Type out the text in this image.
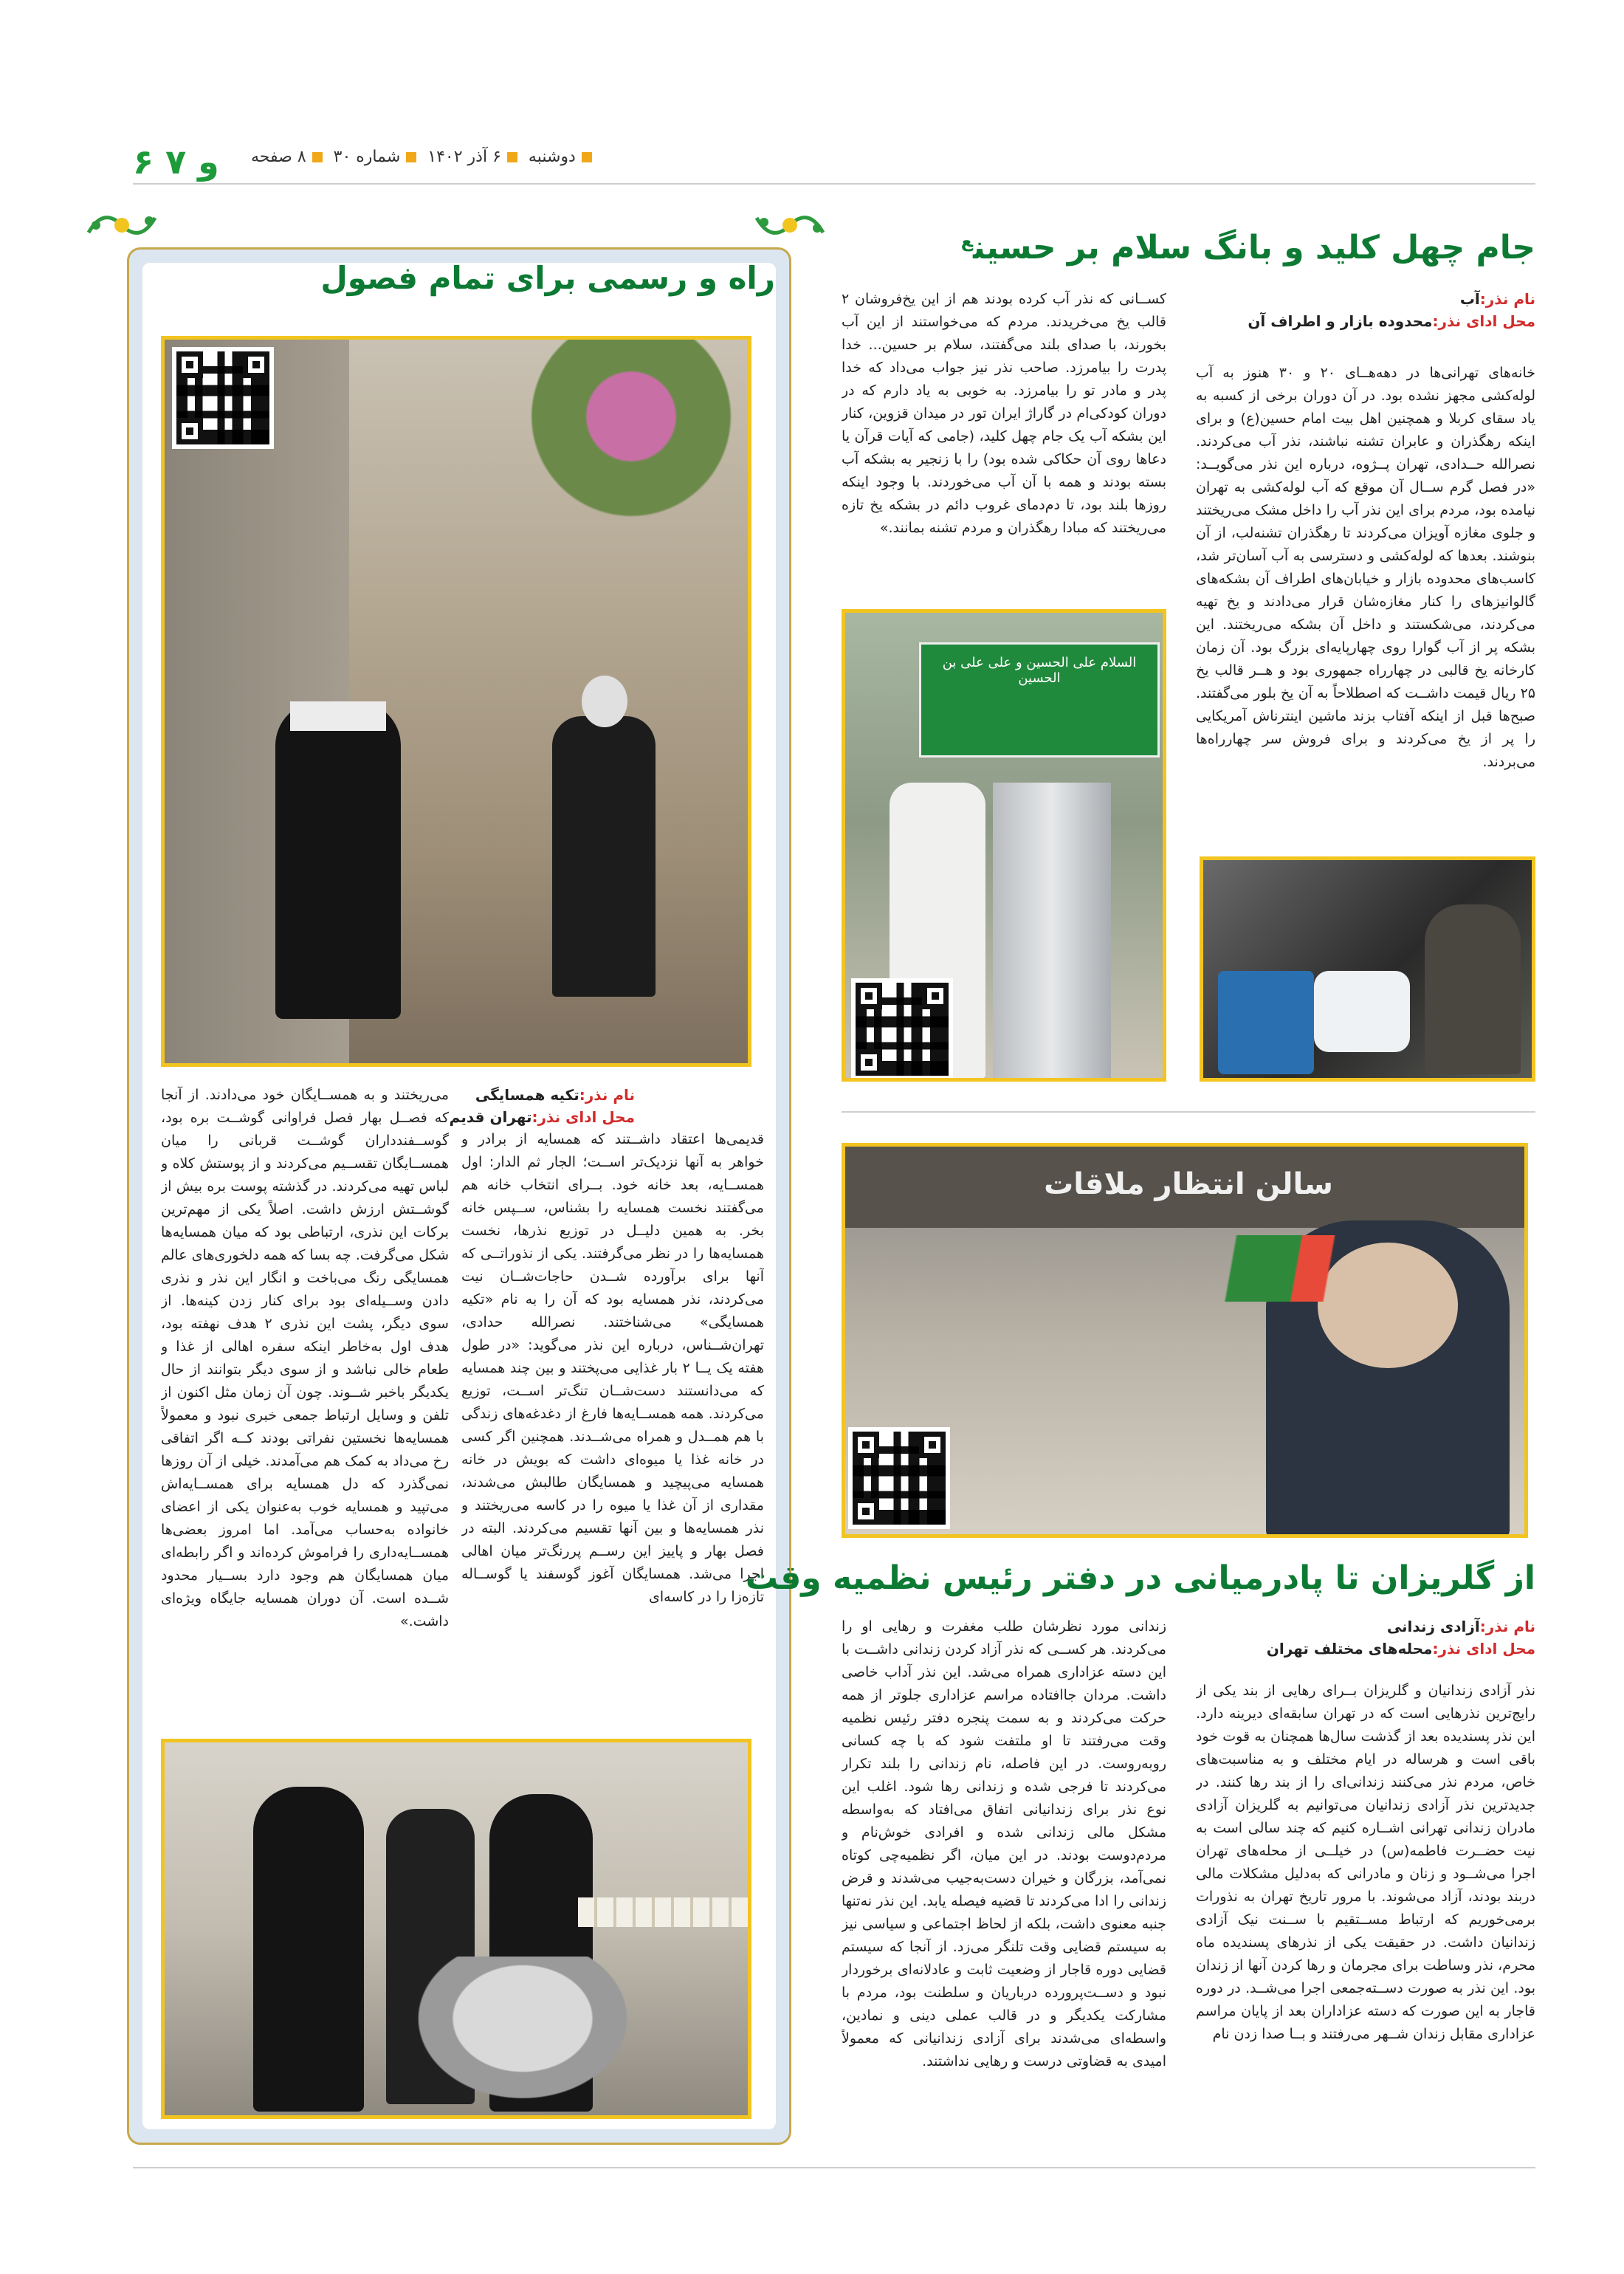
۶ و ۷	دوشنبه ۶ آذر ۱۴۰۲ شماره ۳۰ ۸ صفحه
راه و رسمی برای تمام فصول
نام نذر:تکیه همسایگی
محل ادای نذر:تهران قدیم
قدیمی‌ها اعتقاد داشــتند که همسایه از برادر و خواهر به آنها نزدیک‌تر اســت؛ الجار ثم الدار: اول همســایه، بعد خانه خود. بــرای انتخاب خانه هم می‌گفتند نخست همسایه را بشناس، ســپس خانه بخر. به همین دلیــل در توزیع نذرها، نخست همسایه‌ها را در نظر می‌گرفتند. یکی از نذوراتــی که آنها برای برآورده شــدن حاجات‌شــان نیت می‌کردند، نذر همسایه بود که آن را به نام «تکیه همسایگی» می‌شناختند. نصرالله حدادی، تهران‌شــناس، درباره این نذر می‌گوید: «در طول هفته یک یــا ۲ بار غذایی می‌پختند و بین چند همسایه که می‌دانستند دست‌شــان تنگ‌تر اســت، توزیع می‌کردند. همه همســایه‌ها فارغ از دغدغه‌های زندگی با هم همــدل و همراه می‌شــدند. همچنین اگر کسی در خانه غذا یا میوه‌ای داشت که بویش در خانه همسایه می‌پیچید و همسایگان طالبش می‌شدند، مقداری از آن غذا یا میوه را در کاسه می‌ریختند و نذر همسایه‌ها و بین آنها تقسیم می‌کردند. البته در فصل بهار و پاییز این رســم پررنگ‌تر میان اهالی اجرا می‌شد. همسایگان آغوز گوسفند یا گوســاله تازه‌زا را در کاسه‌ای
می‌ریختند و به همســایگان خود می‌دادند. از آنجا که فصــل بهار فصل فراوانی گوشــت بره بود، گوســفندداران گوشــت قربانی را میان همســایگان تقســیم می‌کردند و از پوستش کلاه و لباس تهیه می‌کردند. در گذشته پوست بره بیش از گوشــتش ارزش داشت. اصلاً یکی از مهم‌ترین برکات این نذری، ارتباطی بود که میان همسایه‌ها شکل می‌گرفت. چه بسا که همه دلخوری‌های عالم همسایگی رنگ می‌باخت و انگار این نذر و نذری دادن وســیله‌ای بود برای کنار زدن کینه‌ها. از سوی دیگر، پشت این نذری ۲ هدف نهفته بود، هدف اول به‌خاطر اینکه سفره اهالی از غذا و طعام خالی نباشد و از سوی دیگر بتوانند از حال یکدیگر باخبر شــوند. چون آن زمان مثل اکنون از تلفن و وسایل ارتباط جمعی خبری نبود و معمولاً همسایه‌ها نخستین نفراتی بودند کــه اگر اتفاقی رخ می‌داد به کمک هم می‌آمدند. خیلی از آن روزها نمی‌گذرد که دل همسایه برای همســایه‌اش می‌تپید و همسایه خوب به‌عنوان یکی از اعضای خانواده به‌حساب می‌آمد. اما امروز بعضی‌ها همســایه‌داری را فراموش کرده‌اند و اگر رابطه‌ای میان همسایگان هم وجود دارد بســیار محدود شــده است. آن دوران همسایه جایگاه ویژه‌ای داشت.»
جام چهل کلید و بانگ سلام بر حسین$^ع$
نام نذر:آب
محل ادای نذر:محدوده بازار و اطراف آن
خانه‌های تهرانی‌ها در دهه‌هــای ۲۰ و ۳۰ هنوز به آب لوله‌کشی مجهز نشده بود. در آن دوران برخی از کسبه به یاد سقای کربلا و همچنین اهل بیت امام حسین(ع) و برای اینکه رهگذران و عابران تشنه نباشند، نذر آب می‌کردند. نصرالله حــدادی، تهران پــژوه، درباره این نذر می‌گویــد: «در فصل گرم ســال آن موقع که آب لوله‌کشی به تهران نیامده بود، مردم برای این نذر آب را داخل مشک می‌ریختند و جلوی مغازه آویزان می‌کردند تا رهگذران تشنه‌لب، از آن بنوشند. بعدها که لوله‌کشی و دسترسی به آب آسان‌تر شد، کاسب‌های محدوده بازار و خیابان‌های اطراف آن بشکه‌های گالوانیزهای را کنار مغازه‌شان قرار می‌دادند و یخ تهیه می‌کردند، می‌شکستند و داخل آن بشکه می‌ریختند. این بشکه پر از آب گوارا روی چهارپایه‌ای بزرگ بود. آن زمان کارخانه یخ قالبی در چهارراه جمهوری بود و هــر قالب یخ ۲۵ ریال قیمت داشــت که اصطلاحاً به آن یخ بلور می‌گفتند. صبح‌ها قبل از اینکه آفتاب بزند ماشین اینترناش آمریکایی را پر از یخ می‌کردند و برای فروش سر چهارراه‌ها می‌بردند.
کســانی که نذر آب کرده بودند هم از این یخ‌فروشان ۲ قالب یخ می‌خریدند. مردم که می‌خواستند از این آب بخورند، با صدای بلند می‌گفتند، سلام بر حسین... خدا پدرت را بیامرزد. صاحب نذر نیز جواب می‌داد که خدا پدر و مادر تو را بیامرزد. به خوبی به یاد دارم که در دوران کودکی‌ام در گاراژ ایران تور در میدان قزوین، کنار این بشکه آب یک جام چهل کلید، (جامی که آیات قرآن یا دعاها روی آن حکاکی شده بود) را با زنجیر به بشکه آب بسته بودند و همه با آن آب می‌خوردند. با وجود اینکه روزها بلند بود، تا دم‌دمای غروب دائم در بشکه یخ تازه می‌ریختند که مبادا رهگذران و مردم تشنه بمانند.»
السلام علی الحسین و علی علی بن الحسین
سالن انتظار ملاقات
از گلریزان تا پادرمیانی در دفتر رئیس نظمیه وقت
نام نذر:آزادی زندانی
محل ادای نذر:محله‌های مختلف تهران
نذر آزادی زندانیان و گلریزان بــرای رهایی از بند یکی از رایج‌ترین نذرهایی است که در تهران سابقه‌ای دیرینه دارد. این نذر پسندیده بعد از گذشت سال‌ها همچنان به قوت خود باقی است و هرساله در ایام مختلف و به مناسبت‌های خاص، مردم نذر می‌کنند زندانی‌ای را از بند رها کنند. در جدیدترین نذر آزادی زندانیان می‌توانیم به گلریزان آزادی مادران زندانی تهرانی اشــاره کنیم که چند سالی است به نیت حضــرت فاطمه(س) در خیلــی از محله‌های تهران اجرا می‌شــود و زنان و مادرانی که به‌دلیل مشکلات مالی دربند بودند، آزاد می‌شوند. با مرور تاریخ تهران به نذورات برمی‌خوریم که ارتباط مســتقیم با ســنت نیک آزادی زندانیان داشت. در حقیقت یکی از نذرهای پسندیده ماه محرم، نذر وساطت برای مجرمان و رها کردن آنها از زندان بود. این نذر به صورت دســته‌جمعی اجرا می‌شــد. در دوره قاجار به این صورت که دسته عزاداران بعد از پایان مراسم عزاداری مقابل زندان شــهر می‌رفتند و بــا صدا زدن نام
زندانی مورد نظرشان طلب مغفرت و رهایی او را می‌کردند. هر کســی که نذر آزاد کردن زندانی داشــت با این دسته عزاداری همراه می‌شد. این نذر آداب خاصی داشت. مردان جاافتاده مراسم عزاداری جلوتر از همه حرکت می‌کردند و به سمت پنجره دفتر رئیس نظمیه وقت می‌رفتند تا او ملتفت شود که با چه کسانی روبه‌روست. در این فاصله، نام زندانی را بلند تکرار می‌کردند تا فرجی شده و زندانی رها شود. اغلب این نوع نذر برای زندانیانی اتفاق می‌افتاد که به‌واسطه مشکل مالی زندانی شده و افرادی خوش‌نام و مردم‌دوست بودند. در این میان، اگر نظمیه‌چی کوتاه نمی‌آمد، بزرگان و خیران دست‌به‌جیب می‌شدند و قرض زندانی را ادا می‌کردند تا قضیه فیصله یابد. این نذر نه‌تنها جنبه معنوی داشت، بلکه از لحاظ اجتماعی و سیاسی نیز به سیستم قضایی وقت تلنگر می‌زد. از آنجا که سیستم قضایی دوره قاجار از وضعیت ثابت و عادلانه‌ای برخوردار نبود و دســت‌پرورده درباریان و سلطنت بود، مردم با مشارکت یکدیگر و در قالب عملی دینی و نمادین، واسطه‌ای می‌شدند برای آزادی زندانیانی که معمولاً امیدی به قضاوتی درست و رهایی نداشتند.
